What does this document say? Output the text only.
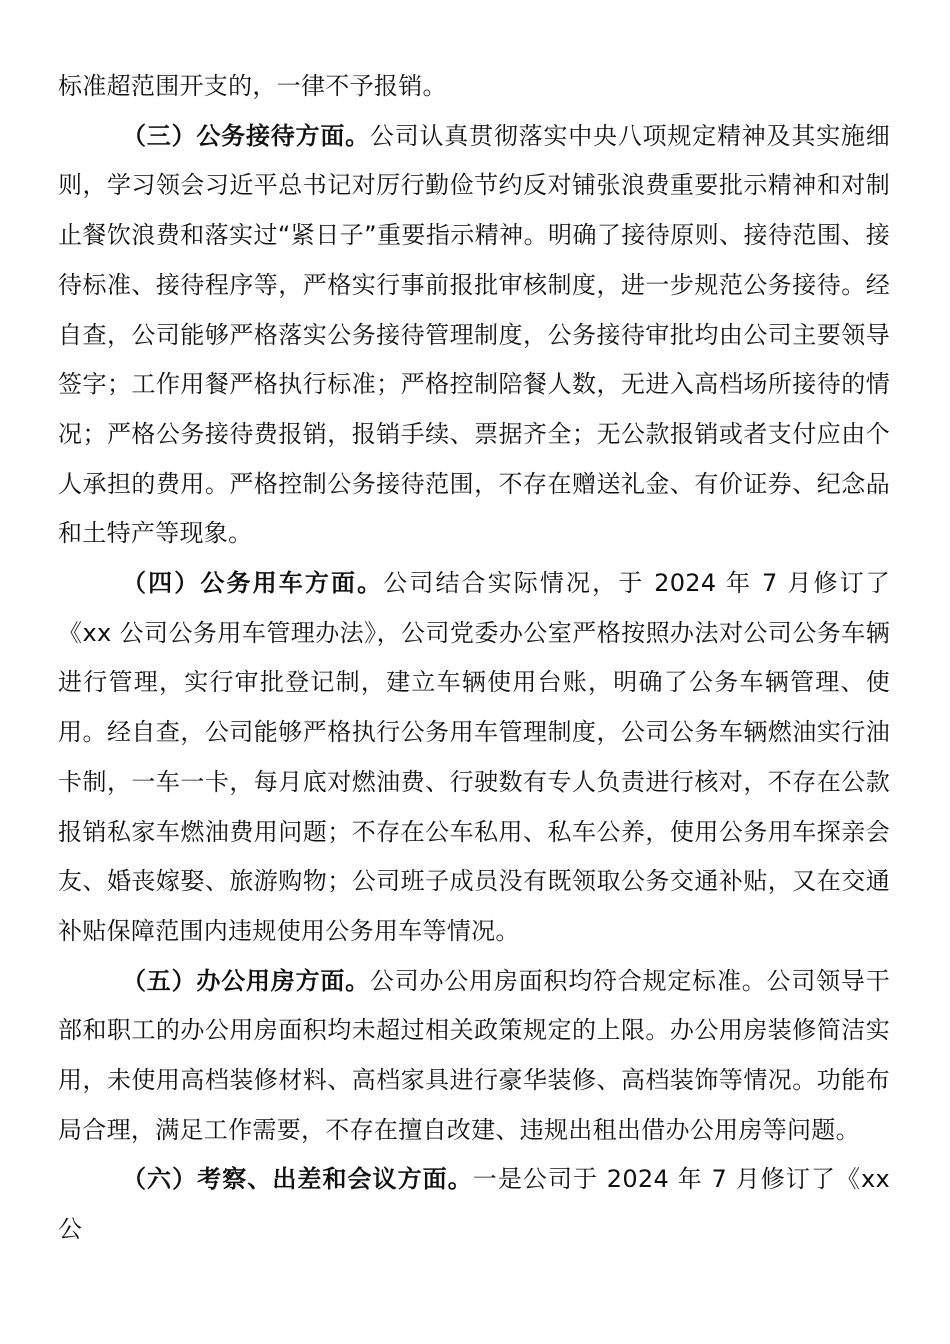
标准超范围开支的，一律不予报销。

（三）公务接待方面。公司认真贯彻落实中央八项规定精神及其实施细则，学习领会习近平总书记对厉行勤俭节约反对铺张浪费重要批示精神和对制止餐饮浪费和落实过“紧日子”重要指示精神。明确了接待原则、接待范围、接待标准、接待程序等，严格实行事前报批审核制度，进一步规范公务接待。经自查，公司能够严格落实公务接待管理制度，公务接待审批均由公司主要领导签字；工作用餐严格执行标准；严格控制陪餐人数，无进入高档场所接待的情况；严格公务接待费报销，报销手续、票据齐全；无公款报销或者支付应由个人承担的费用。严格控制公务接待范围，不存在赠送礼金、有价证券、纪念品和土特产等现象。

（四）公务用车方面。公司结合实际情况，于 2024 年 7 月修订了《xx 公司公务用车管理办法》，公司党委办公室严格按照办法对公司公务车辆进行管理，实行审批登记制，建立车辆使用台账，明确了公务车辆管理、使用。经自查，公司能够严格执行公务用车管理制度，公司公务车辆燃油实行油卡制，一车一卡，每月底对燃油费、行驶数有专人负责进行核对，不存在公款报销私家车燃油费用问题；不存在公车私用、私车公养，使用公务用车探亲会友、婚丧嫁娶、旅游购物；公司班子成员没有既领取公务交通补贴，又在交通补贴保障范围内违规使用公务用车等情况。

（五）办公用房方面。公司办公用房面积均符合规定标准。公司领导干部和职工的办公用房面积均未超过相关政策规定的上限。办公用房装修简洁实用，未使用高档装修材料、高档家具进行豪华装修、高档装饰等情况。功能布局合理，满足工作需要，不存在擅自改建、违规出租出借办公用房等问题。

（六）考察、出差和会议方面。一是公司于 2024 年 7 月修订了《xx 公
